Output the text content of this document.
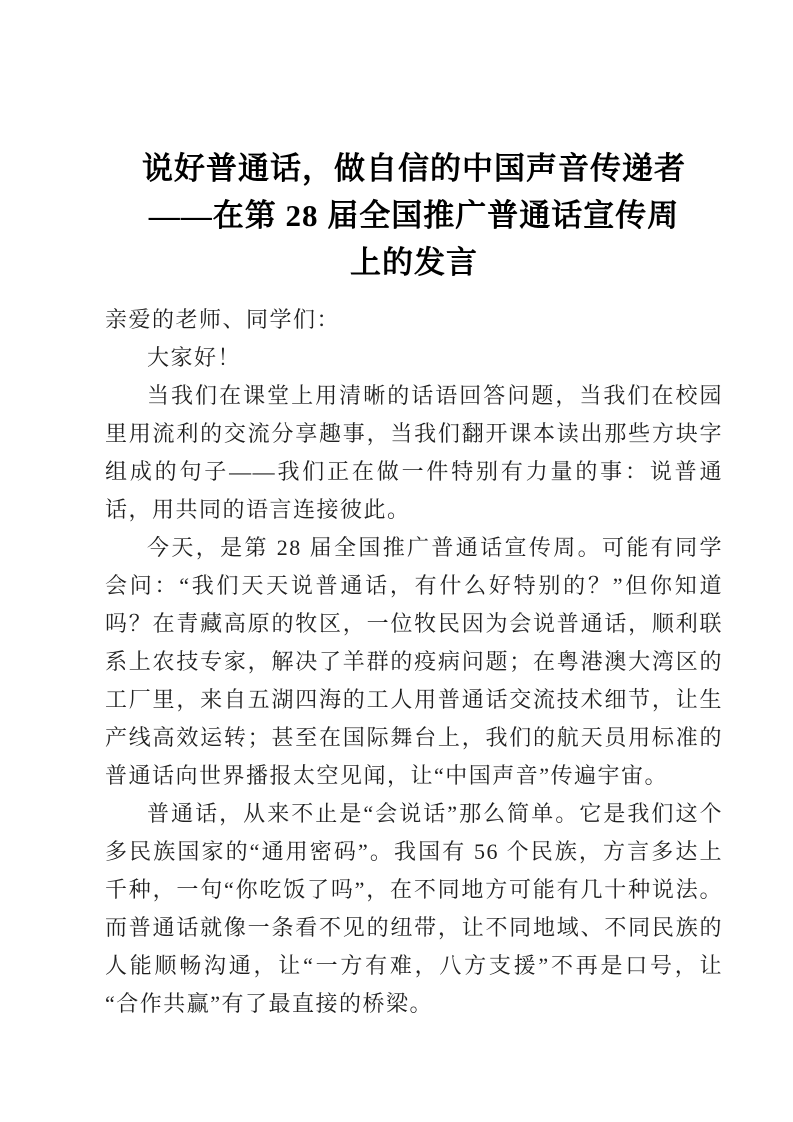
说好普通话，做自信的中国声音传递者
——在第 28 届全国推广普通话宣传周
上的发言

亲爱的老师、同学们：

大家好！

当我们在课堂上用清晰的话语回答问题，当我们在校园里用流利的交流分享趣事，当我们翻开课本读出那些方块字组成的句子——我们正在做一件特别有力量的事：说普通话，用共同的语言连接彼此。

今天，是第 28 届全国推广普通话宣传周。可能有同学会问：“我们天天说普通话，有什么好特别的？”但你知道吗？在青藏高原的牧区，一位牧民因为会说普通话，顺利联系上农技专家，解决了羊群的疫病问题；在粤港澳大湾区的工厂里，来自五湖四海的工人用普通话交流技术细节，让生产线高效运转；甚至在国际舞台上，我们的航天员用标准的普通话向世界播报太空见闻，让“中国声音”传遍宇宙。

普通话，从来不止是“会说话”那么简单。它是我们这个多民族国家的“通用密码”。我国有 56 个民族，方言多达上千种，一句“你吃饭了吗”，在不同地方可能有几十种说法。而普通话就像一条看不见的纽带，让不同地域、不同民族的人能顺畅沟通，让“一方有难，八方支援”不再是口号，让“合作共赢”有了最直接的桥梁。
